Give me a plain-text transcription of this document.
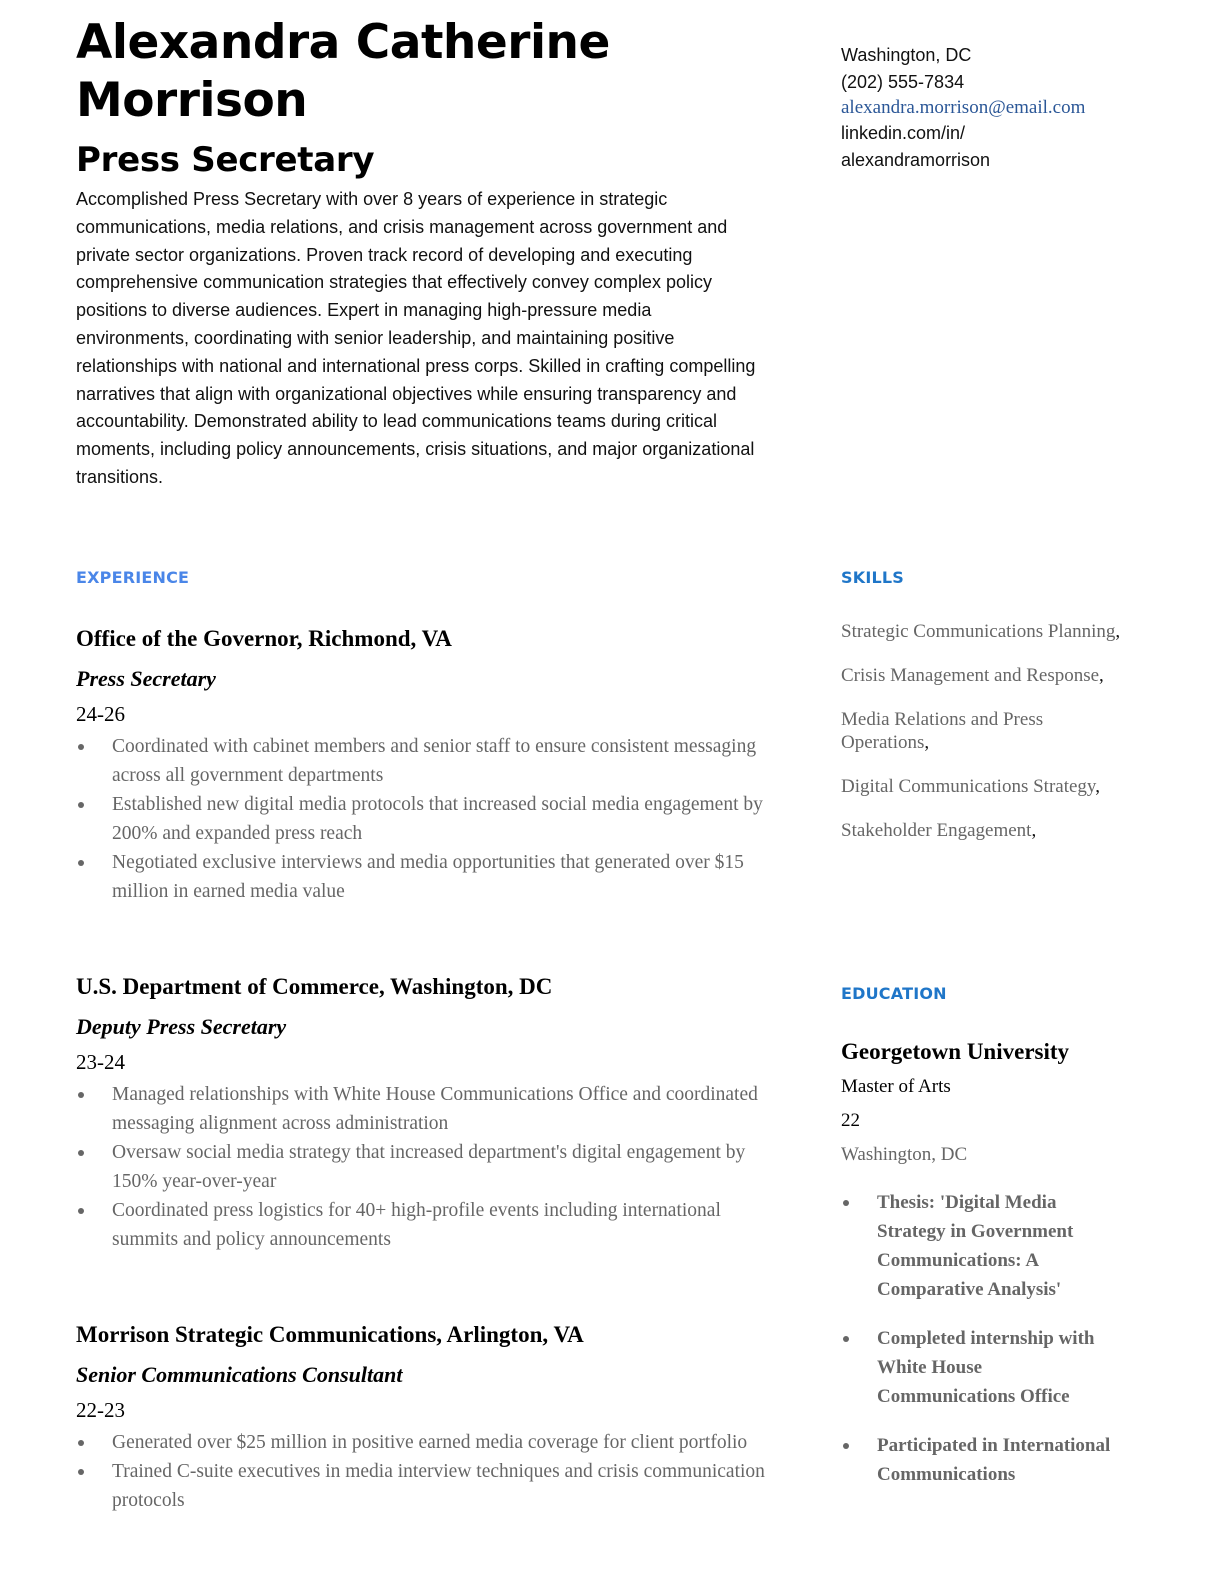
Alexandra Catherine Morrison
Press Secretary

Accomplished Press Secretary with over 8 years of experience in strategic communications, media relations, and crisis management across government and private sector organizations. Proven track record of developing and executing comprehensive communication strategies that effectively convey complex policy positions to diverse audiences. Expert in managing high-pressure media environments, coordinating with senior leadership, and maintaining positive relationships with national and international press corps. Skilled in crafting compelling narratives that align with organizational objectives while ensuring transparency and accountability. Demonstrated ability to lead communications teams during critical moments, including policy announcements, crisis situations, and major organizational transitions.

Washington, DC
(202) 555-7834
alexandra.morrison@email.com
linkedin.com/in/
alexandramorrison
EXPERIENCE	SKILLS
EDUCATION
Office of the Governor, Richmond, VA
Press Secretary
24-26
Coordinated with cabinet members and senior staff to ensure consistent messaging across all government departments
Established new digital media protocols that increased social media engagement by 200% and expanded press reach
Negotiated exclusive interviews and media opportunities that generated over $15 million in earned media value
U.S. Department of Commerce, Washington, DC
Deputy Press Secretary
23-24
Managed relationships with White House Communications Office and coordinated messaging alignment across administration
Oversaw social media strategy that increased department's digital engagement by 150% year-over-year
Coordinated press logistics for 40+ high-profile events including international summits and policy announcements
Morrison Strategic Communications, Arlington, VA
Senior Communications Consultant
22-23
Generated over $25 million in positive earned media coverage for client portfolio
Trained C-suite executives in media interview techniques and crisis communication protocols
Strategic Communications Planning,
Crisis Management and Response,
Media Relations and Press Operations,
Digital Communications Strategy,
Stakeholder Engagement,
Georgetown University
Master of Arts
22
Washington, DC
Thesis: 'Digital Media Strategy in Government Communications: A Comparative Analysis'
Completed internship with White House Communications Office
Participated in International Communications
